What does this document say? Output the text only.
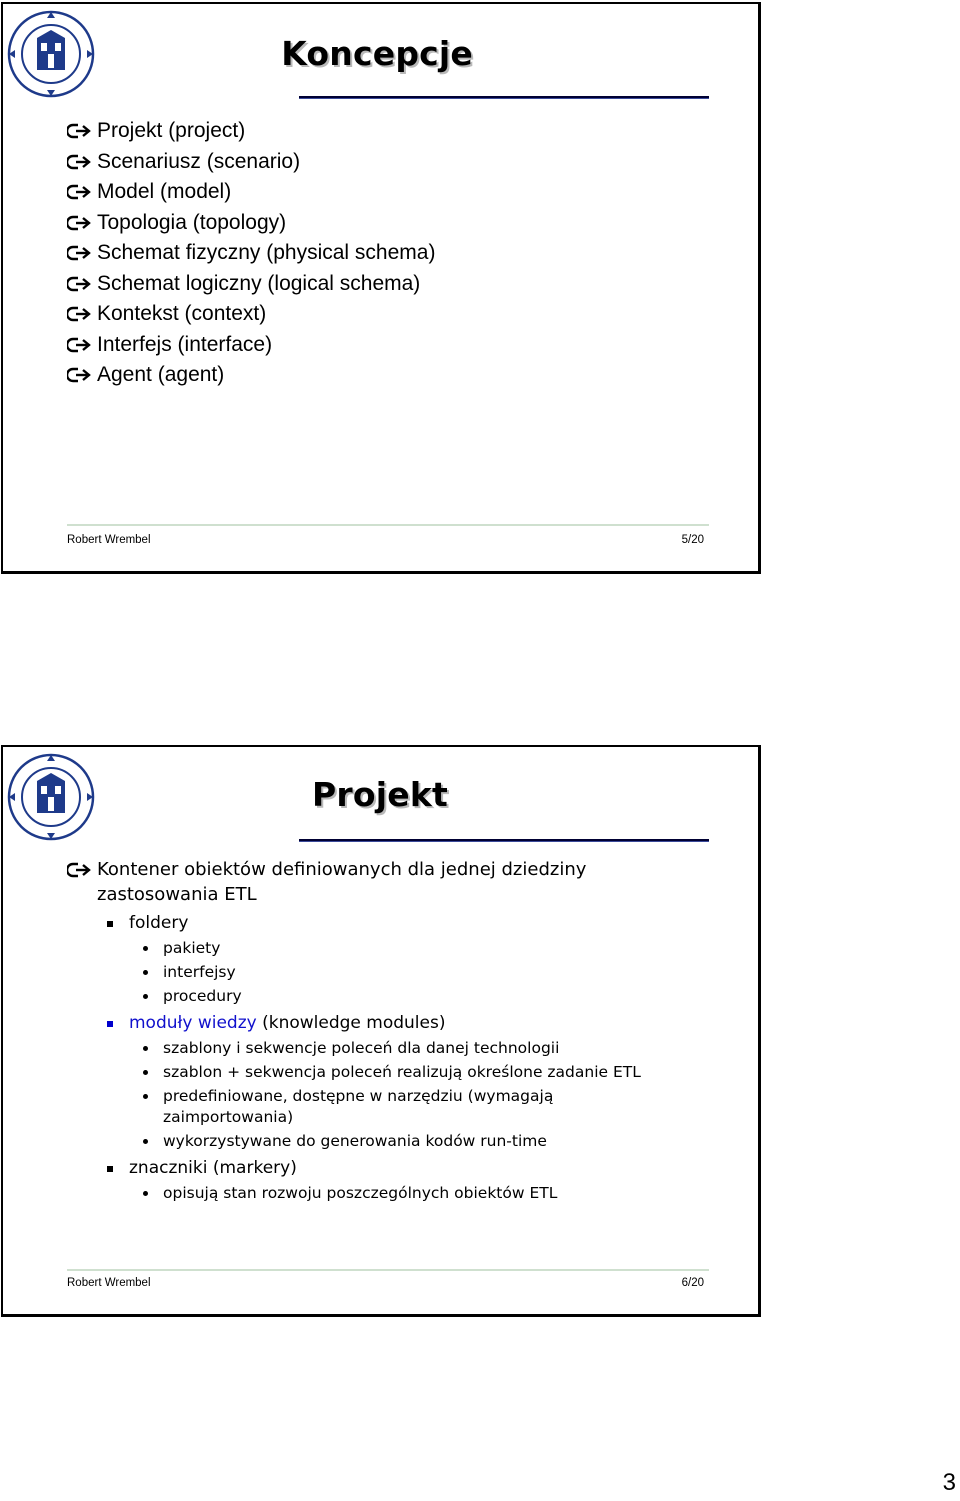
Koncepcje
Projekt (project)
Scenariusz (scenario)
Model (model)
Topologia (topology)
Schemat fizyczny (physical schema)
Schemat logiczny (logical schema)
Kontekst (context)
Interfejs (interface)
Agent (agent)
Robert Wrembel	5/20
Projekt
Kontener obiektów definiowanych dla jednej dziedziny
zastosowania ETL
foldery
pakiety
interfejsy
procedury
moduły wiedzy (knowledge modules)
szablony i sekwencje poleceń dla danej technologii
szablon + sekwencja poleceń realizują określone zadanie ETL
predefiniowane, dostępne w narzędziu (wymagają zaimportowania)
wykorzystywane do generowania kodów run-time
znaczniki (markery)
opisują stan rozwoju poszczególnych obiektów ETL
Robert Wrembel	6/20
3
